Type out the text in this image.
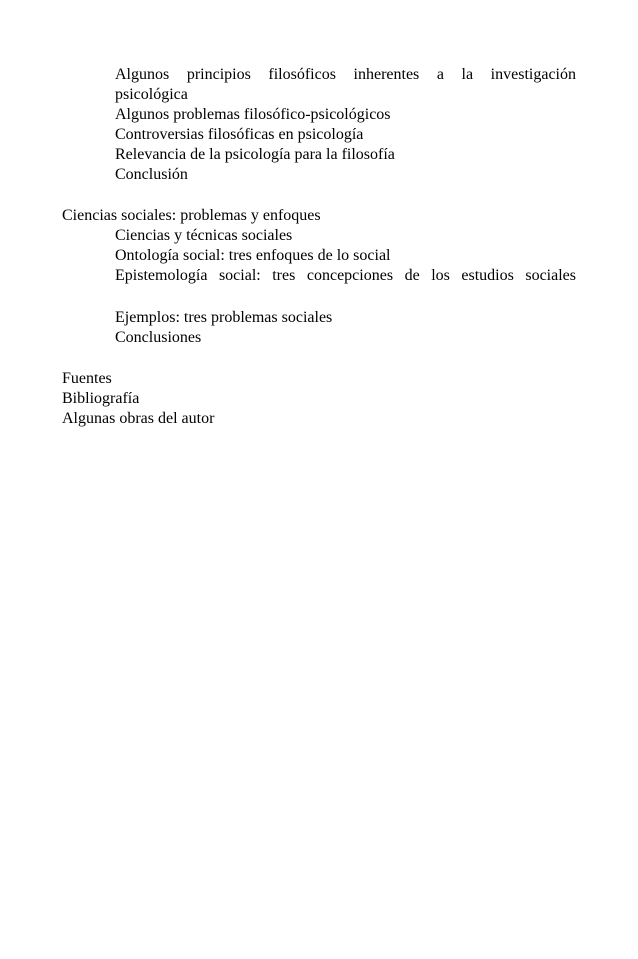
Algunos principios filosóficos inherentes a la investigación
psicológica
Algunos problemas filosófico-psicológicos
Controversias filosóficas en psicología
Relevancia de la psicología para la filosofía
Conclusión
Ciencias sociales: problemas y enfoques
Ciencias y técnicas sociales
Ontología social: tres enfoques de lo social
Epistemología social: tres concepciones de los estudios sociales
Ejemplos: tres problemas sociales
Conclusiones
Fuentes
Bibliografía
Algunas obras del autor
